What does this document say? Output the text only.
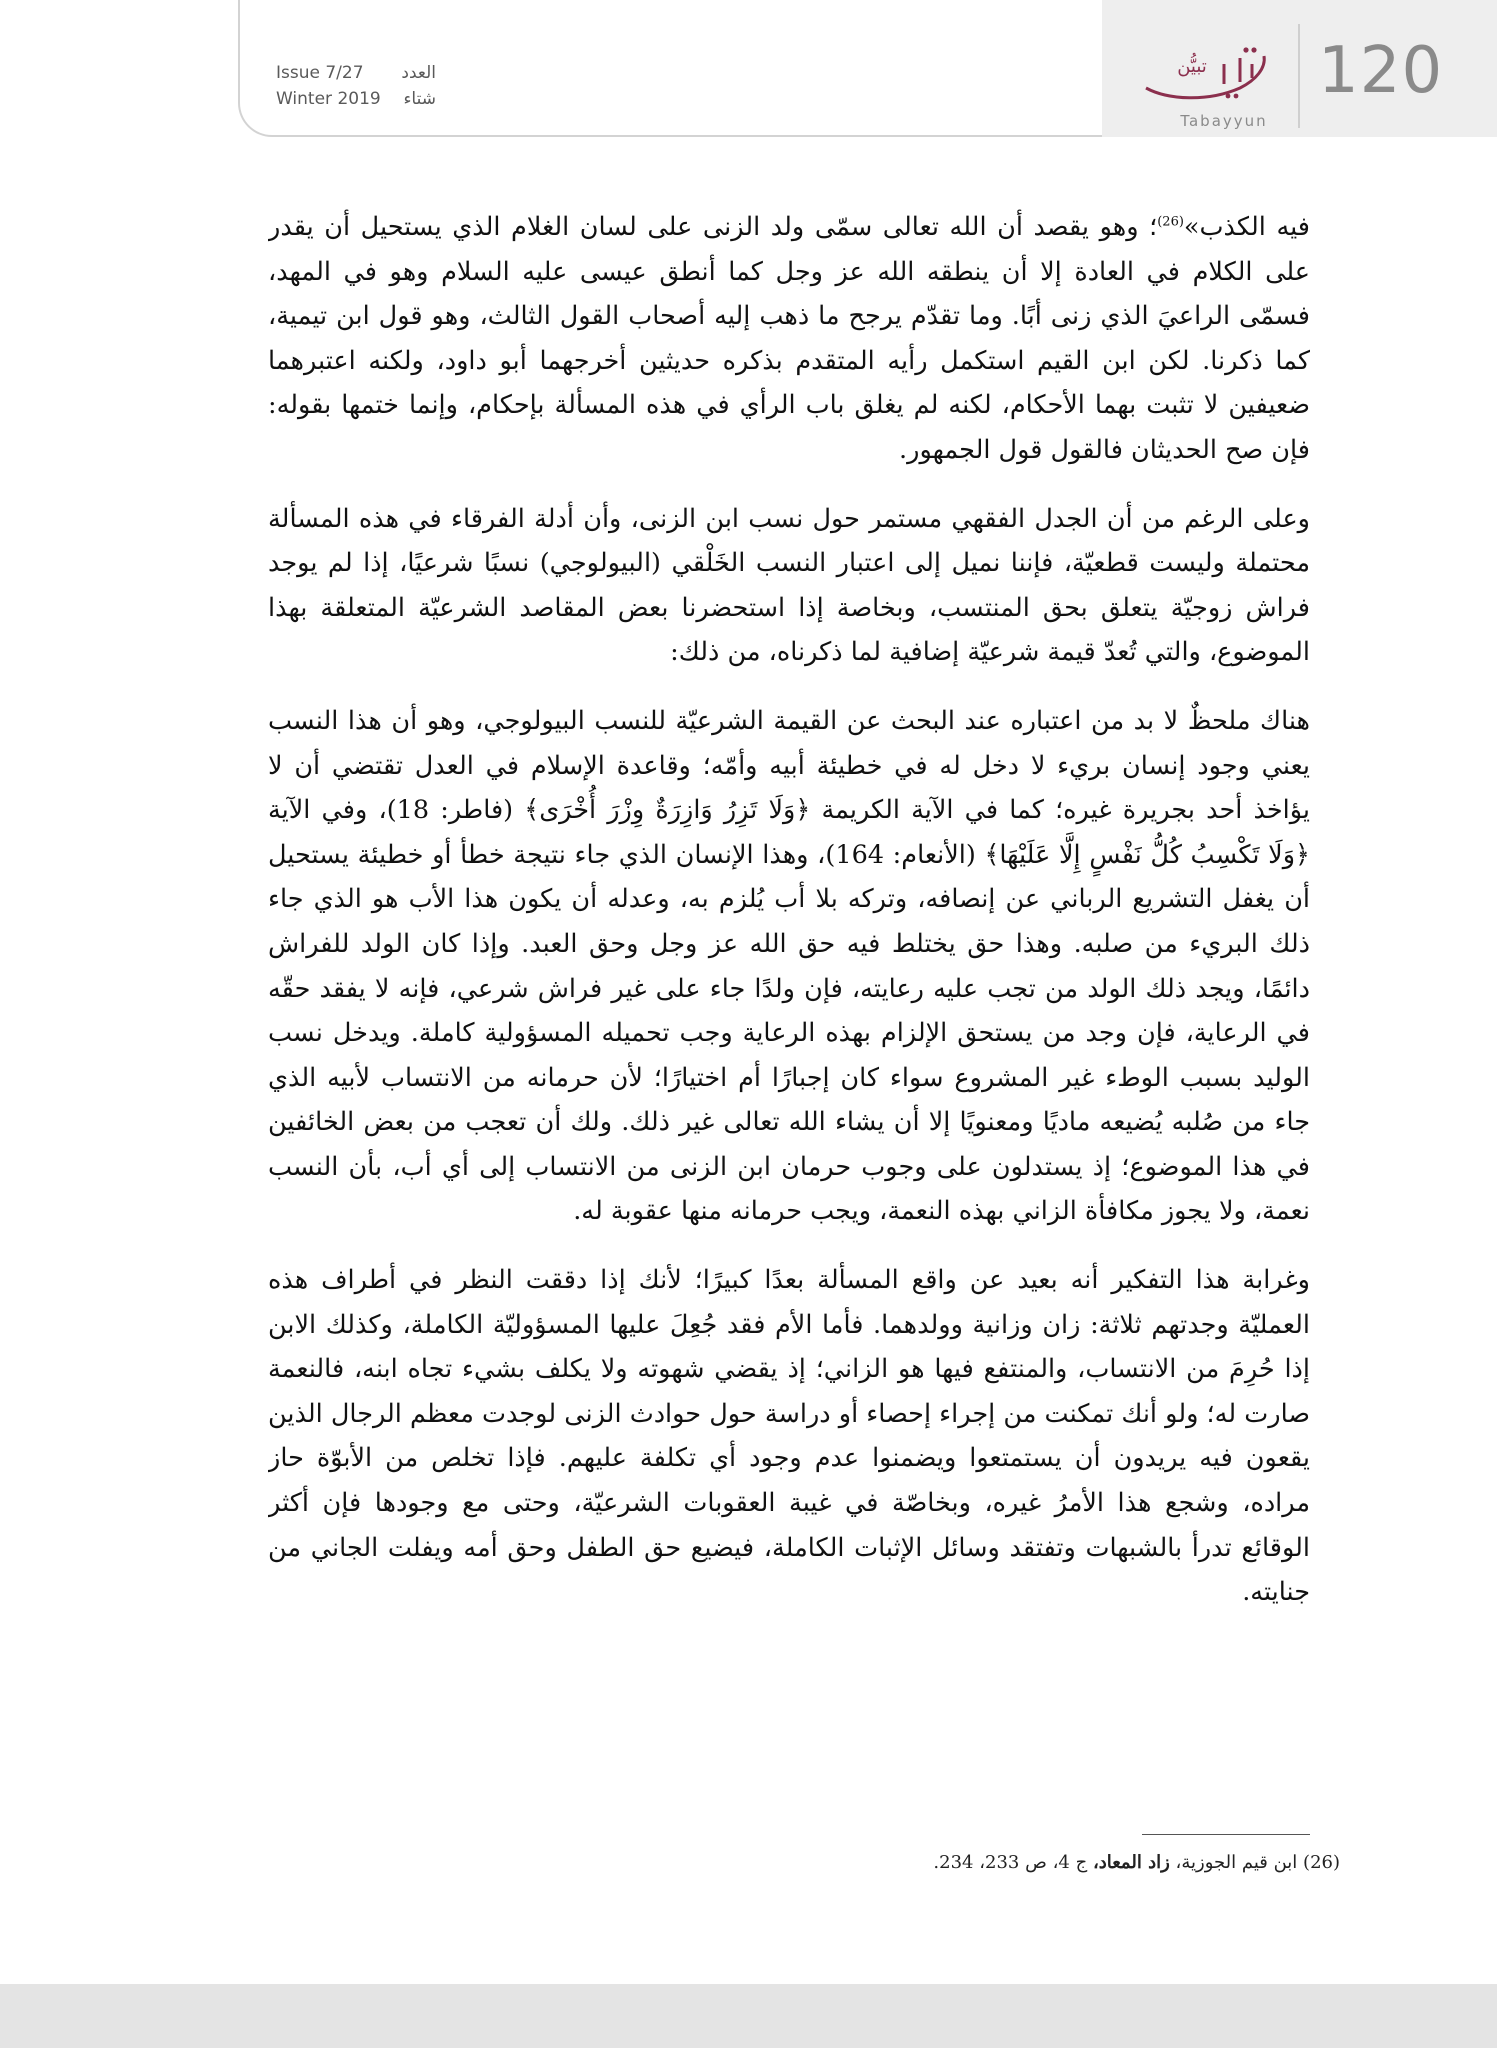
Issue 7/27 العدد
Winter 2019 شتاء
تبيُّن
Tabayyun
120

فيه الكذب»$^{(26)}$؛ وهو يقصد أن الله تعالى سمّى ولد الزنى على لسان الغلام الذي يستحيل أن يقدر على الكلام في العادة إلا أن ينطقه الله عز وجل كما أنطق عيسى عليه السلام وهو في المهد، فسمّى الراعيَ الذي زنى أبًا. وما تقدّم يرجح ما ذهب إليه أصحاب القول الثالث، وهو قول ابن تيمية، كما ذكرنا. لكن ابن القيم استكمل رأيه المتقدم بذكره حديثين أخرجهما أبو داود، ولكنه اعتبرهما ضعيفين لا تثبت بهما الأحكام، لكنه لم يغلق باب الرأي في هذه المسألة بإحكام، وإنما ختمها بقوله: فإن صح الحديثان فالقول قول الجمهور.

وعلى الرغم من أن الجدل الفقهي مستمر حول نسب ابن الزنى، وأن أدلة الفرقاء في هذه المسألة محتملة وليست قطعيّة، فإننا نميل إلى اعتبار النسب الخَلْقي (البيولوجي) نسبًا شرعيًا، إذا لم يوجد فراش زوجيّة يتعلق بحق المنتسب، وبخاصة إذا استحضرنا بعض المقاصد الشرعيّة المتعلقة بهذا الموضوع، والتي تُعدّ قيمة شرعيّة إضافية لما ذكرناه، من ذلك:

هناك ملحظٌ لا بد من اعتباره عند البحث عن القيمة الشرعيّة للنسب البيولوجي، وهو أن هذا النسب يعني وجود إنسان بريء لا دخل له في خطيئة أبيه وأمّه؛ وقاعدة الإسلام في العدل تقتضي أن لا يؤاخذ أحد بجريرة غيره؛ كما في الآية الكريمة ﴿وَلَا تَزِرُ وَازِرَةٌ وِزْرَ أُخْرَى﴾ (فاطر: 18)، وفي الآية ﴿وَلَا تَكْسِبُ كُلُّ نَفْسٍ إِلَّا عَلَيْهَا﴾ (الأنعام: 164)، وهذا الإنسان الذي جاء نتيجة خطأ أو خطيئة يستحيل أن يغفل التشريع الرباني عن إنصافه، وتركه بلا أب يُلزم به، وعدله أن يكون هذا الأب هو الذي جاء ذلك البريء من صلبه. وهذا حق يختلط فيه حق الله عز وجل وحق العبد. وإذا كان الولد للفراش دائمًا، ويجد ذلك الولد من تجب عليه رعايته، فإن ولدًا جاء على غير فراش شرعي، فإنه لا يفقد حقّه في الرعاية، فإن وجد من يستحق الإلزام بهذه الرعاية وجب تحميله المسؤولية كاملة. ويدخل نسب الوليد بسبب الوطء غير المشروع سواء كان إجبارًا أم اختيارًا؛ لأن حرمانه من الانتساب لأبيه الذي جاء من صُلبه يُضيعه ماديًا ومعنويًا إلا أن يشاء الله تعالى غير ذلك. ولك أن تعجب من بعض الخائفين في هذا الموضوع؛ إذ يستدلون على وجوب حرمان ابن الزنى من الانتساب إلى أي أب، بأن النسب نعمة، ولا يجوز مكافأة الزاني بهذه النعمة، ويجب حرمانه منها عقوبة له.

وغرابة هذا التفكير أنه بعيد عن واقع المسألة بعدًا كبيرًا؛ لأنك إذا دققت النظر في أطراف هذه العمليّة وجدتهم ثلاثة: زان وزانية وولدهما. فأما الأم فقد جُعِلَ عليها المسؤوليّة الكاملة، وكذلك الابن إذا حُرِمَ من الانتساب، والمنتفع فيها هو الزاني؛ إذ يقضي شهوته ولا يكلف بشيء تجاه ابنه، فالنعمة صارت له؛ ولو أنك تمكنت من إجراء إحصاء أو دراسة حول حوادث الزنى لوجدت معظم الرجال الذين يقعون فيه يريدون أن يستمتعوا ويضمنوا عدم وجود أي تكلفة عليهم. فإذا تخلص من الأبوّة حاز مراده، وشجع هذا الأمرُ غيره، وبخاصّة في غيبة العقوبات الشرعيّة، وحتى مع وجودها فإن أكثر الوقائع تدرأ بالشبهات وتفتقد وسائل الإثبات الكاملة، فيضيع حق الطفل وحق أمه ويفلت الجاني من جنايته.

(26) ابن قيم الجوزية، زاد المعاد، ج 4، ص 233، 234.
